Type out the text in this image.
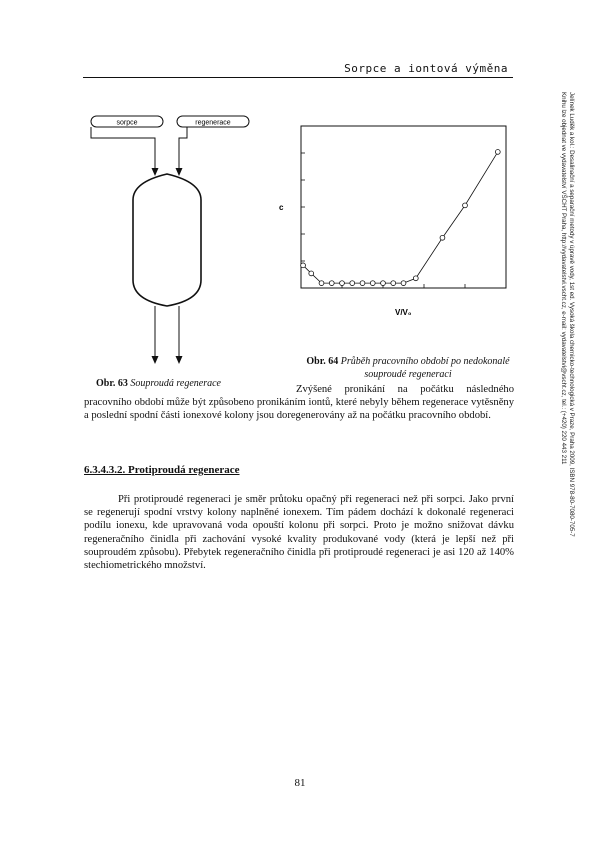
Sorpce a iontová výměna
Jelínek Luděk a kol.: Desalinační a separační metody v úpravě vody, 1st ed. Vysoká škola chemicko-technologická v Praze, Praha 2009, ISBN 978-80-7080-705-7
Knihu lze objednat ve vydavatelství VŠCHT Praha, http://vydavatelstvi.vscht.cz, e-mail: vydavatelstvi@vscht.cz, tel.: (+420) 220 443 211
sorpce	regenerace
Obr. 63 Souproudá regenerace
c
V/V₀
Obr. 64 Průběh pracovního období po nedokonalé souproudé regeneraci
Zvýšené pronikání na počátku následného
pracovního období může být způsobeno pronikáním iontů, které nebyly během regenerace vytěsněny a poslední spodní části ionexové kolony jsou doregenerovány až na počátku pracovního období.
6.3.4.3.2. Protiproudá regenerace
Při protiproudé regeneraci je směr průtoku opačný při regeneraci než při sorpci. Jako první se regenerují spodní vrstvy kolony naplněné ionexem. Tím pádem dochází k dokonalé regeneraci podílu ionexu, kde upravovaná voda opouští kolonu při sorpci. Proto je možno snižovat dávku regeneračního činidla při zachování vysoké kvality produkované vody (která je lepší než při souproudém způsobu). Přebytek regeneračního činidla při protiproudé regeneraci je asi 120 až 140% stechiometrického množství.
81
